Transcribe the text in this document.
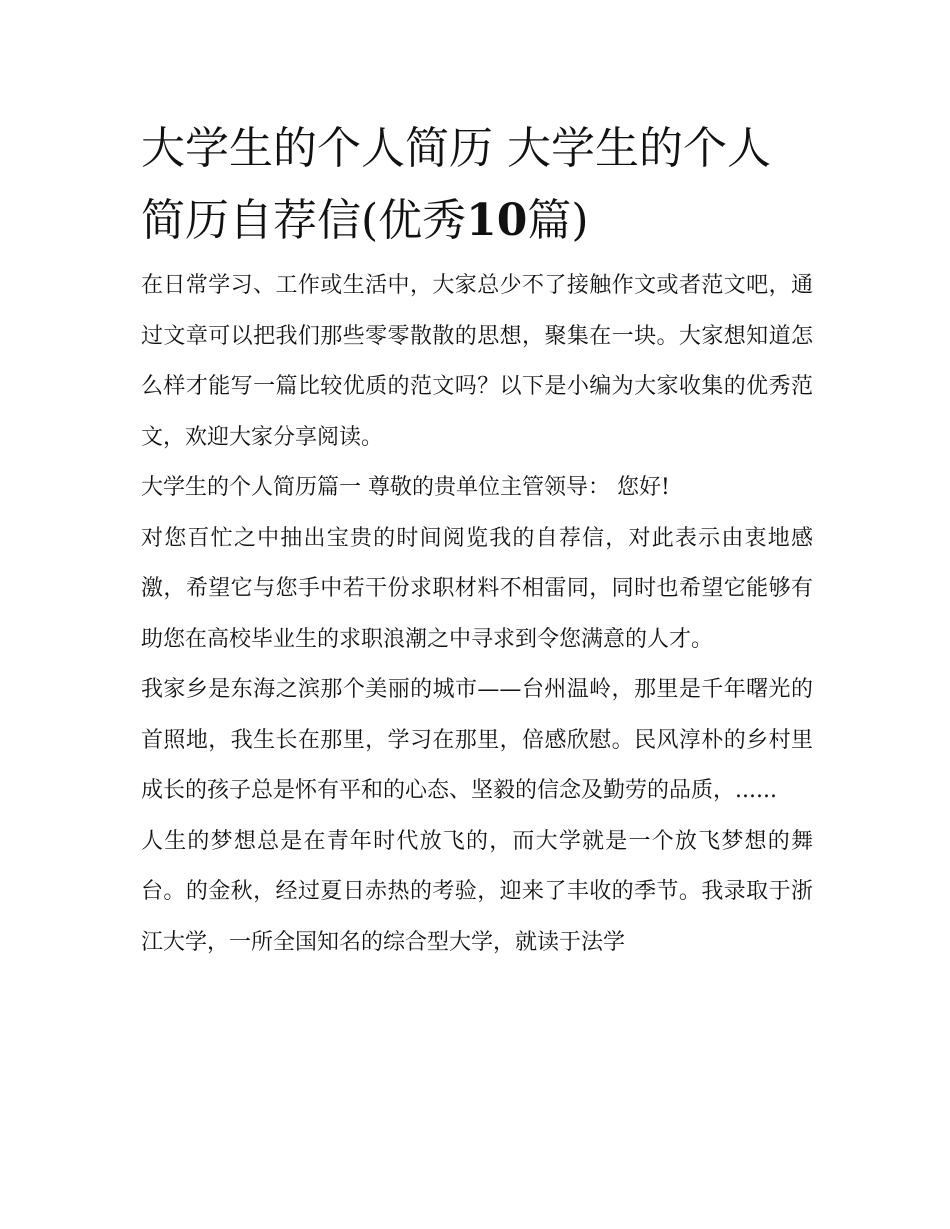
大学生的个人简历 大学生的个人简历自荐信(优秀10篇)

在日常学习、工作或生活中，大家总少不了接触作文或者范文吧，通过文章可以把我们那些零零散散的思想，聚集在一块。大家想知道怎么样才能写一篇比较优质的范文吗？以下是小编为大家收集的优秀范文，欢迎大家分享阅读。

大学生的个人简历篇一 尊敬的贵单位主管领导： 您好!

对您百忙之中抽出宝贵的时间阅览我的自荐信，对此表示由衷地感激，希望它与您手中若干份求职材料不相雷同，同时也希望它能够有助您在高校毕业生的求职浪潮之中寻求到令您满意的人才。

我家乡是东海之滨那个美丽的城市——台州温岭，那里是千年曙光的首照地，我生长在那里，学习在那里，倍感欣慰。民风淳朴的乡村里成长的孩子总是怀有平和的心态、坚毅的信念及勤劳的品质，......

人生的梦想总是在青年时代放飞的，而大学就是一个放飞梦想的舞台。的金秋，经过夏日赤热的考验，迎来了丰收的季节。我录取于浙江大学，一所全国知名的综合型大学，就读于法学
